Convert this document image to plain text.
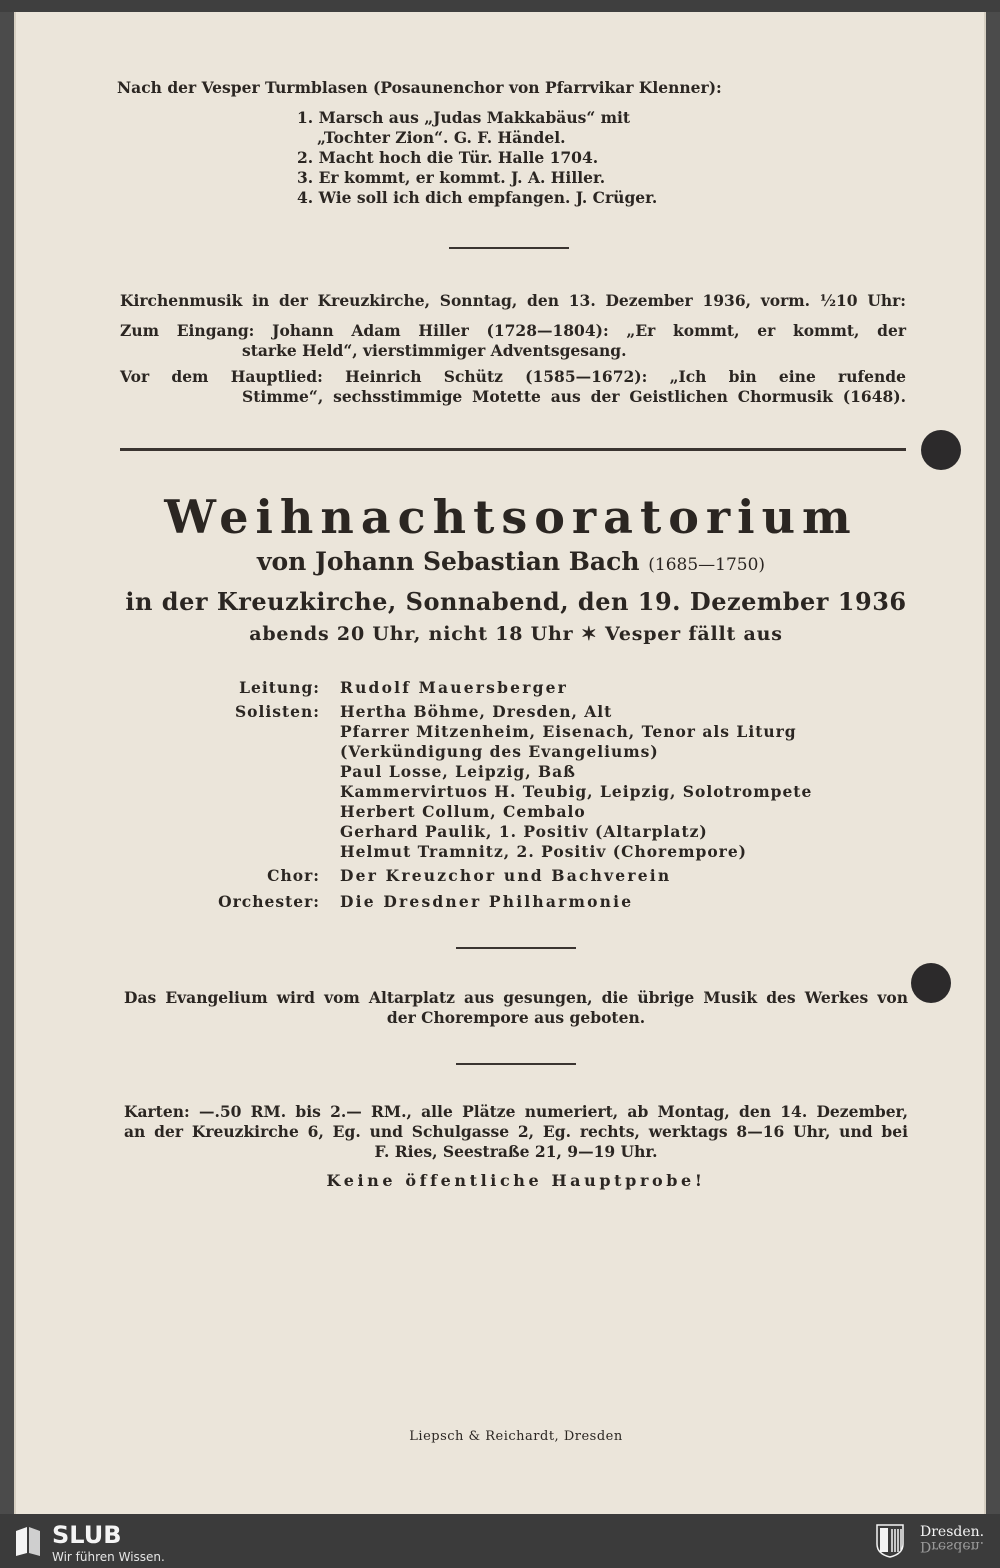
Nach der Vesper Turmblasen (Posaunenchor von Pfarrvikar Klenner):
1. Marsch aus „Judas Makkabäus“ mit
„Tochter Zion“. G. F. Händel.
2. Macht hoch die Tür. Halle 1704.
3. Er kommt, er kommt. J. A. Hiller.
4. Wie soll ich dich empfangen. J. Crüger.
Kirchenmusik in der Kreuzkirche, Sonntag, den 13. Dezember 1936, vorm. ½10 Uhr:
Zum Eingang: Johann Adam Hiller (1728—1804): „Er kommt, er kommt, der
starke Held“, vierstimmiger Adventsgesang.
Vor dem Hauptlied: Heinrich Schütz (1585—1672): „Ich bin eine rufende
Stimme“, sechsstimmige Motette aus der Geistlichen Chormusik (1648).
Weihnachtsoratorium
von Johann Sebastian Bach (1685—1750)
in der Kreuzkirche, Sonnabend, den 19. Dezember 1936
abends 20 Uhr, nicht 18 Uhr ✶ Vesper fällt aus
Leitung: Rudolf Mauersberger
Solisten: Hertha Böhme, Dresden, Alt
Pfarrer Mitzenheim, Eisenach, Tenor als Liturg
(Verkündigung des Evangeliums)
Paul Losse, Leipzig, Baß
Kammervirtuos H. Teubig, Leipzig, Solotrompete
Herbert Collum, Cembalo
Gerhard Paulik, 1. Positiv (Altarplatz)
Helmut Tramnitz, 2. Positiv (Chorempore)
Chor: Der Kreuzchor und Bachverein
Orchester: Die Dresdner Philharmonie
Das Evangelium wird vom Altarplatz aus gesungen, die übrige Musik des Werkes von
der Chorempore aus geboten.
Karten: —.50 RM. bis 2.— RM., alle Plätze numeriert, ab Montag, den 14. Dezember,
an der Kreuzkirche 6, Eg. und Schulgasse 2, Eg. rechts, werktags 8—16 Uhr, und bei
F. Ries, Seestraße 21, 9—19 Uhr.
Keine öffentliche Hauptprobe!
Liepsch & Reichardt, Dresden
SLUB
Wir führen Wissen.
Dresden.
Dresden.
